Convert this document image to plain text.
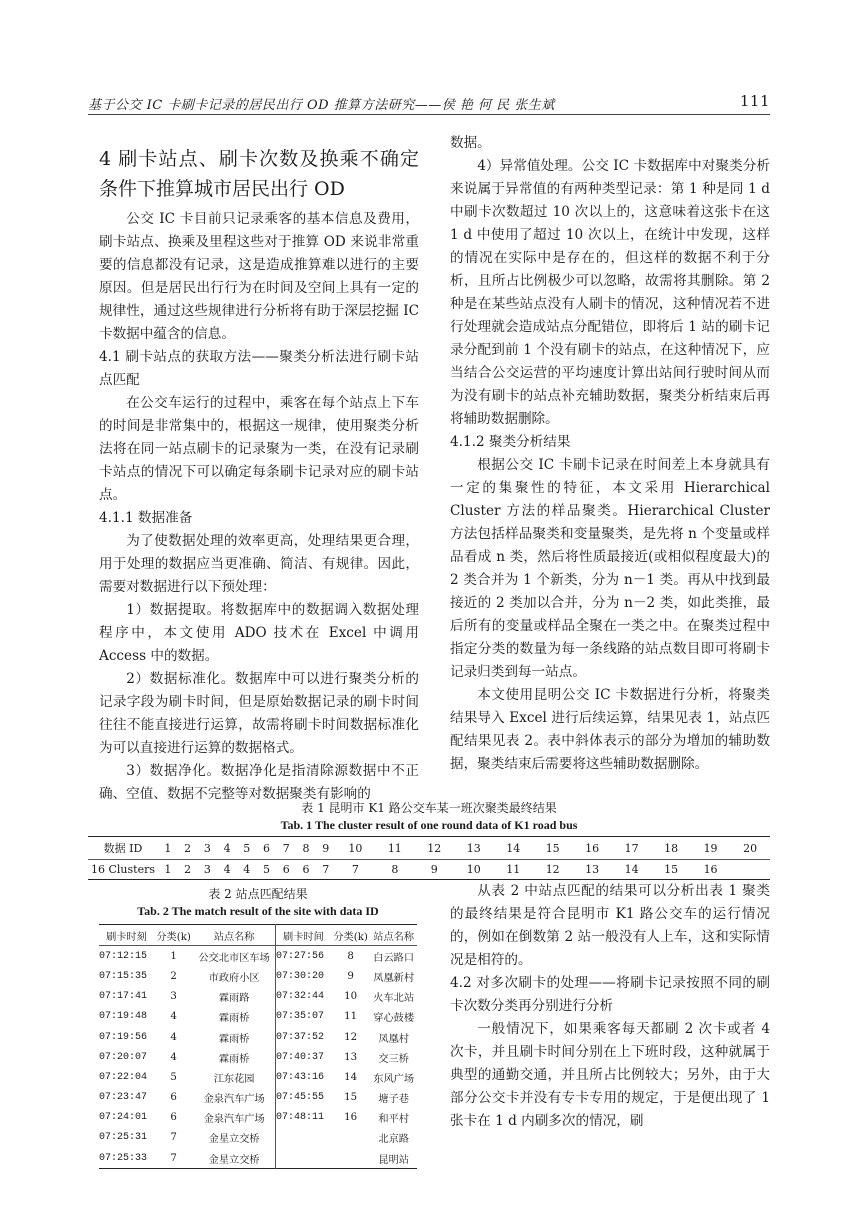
基于公交 IC 卡刷卡记录的居民出行 OD 推算方法研究——侯 艳 何 民 张生斌	111
4 刷卡站点、刷卡次数及换乘不确定条件下推算城市居民出行 OD

公交 IC 卡目前只记录乘客的基本信息及费用，刷卡站点、换乘及里程这些对于推算 OD 来说非常重要的信息都没有记录，这是造成推算难以进行的主要原因。但是居民出行行为在时间及空间上具有一定的规律性，通过这些规律进行分析将有助于深层挖掘 IC 卡数据中蕴含的信息。

4.1 刷卡站点的获取方法——聚类分析法进行刷卡站点匹配

在公交车运行的过程中，乘客在每个站点上下车的时间是非常集中的，根据这一规律，使用聚类分析法将在同一站点刷卡的记录聚为一类，在没有记录刷卡站点的情况下可以确定每条刷卡记录对应的刷卡站点。

4.1.1 数据准备

为了使数据处理的效率更高，处理结果更合理，用于处理的数据应当更准确、简洁、有规律。因此，需要对数据进行以下预处理：

1）数据提取。将数据库中的数据调入数据处理程序中，本文使用 ADO 技术在 Excel 中调用 Access 中的数据。

2）数据标准化。数据库中可以进行聚类分析的记录字段为刷卡时间，但是原始数据记录的刷卡时间往往不能直接进行运算，故需将刷卡时间数据标准化为可以直接进行运算的数据格式。

3）数据净化。数据净化是指清除源数据中不正确、空值、数据不完整等对数据聚类有影响的

数据。

4）异常值处理。公交 IC 卡数据库中对聚类分析来说属于异常值的有两种类型记录：第 1 种是同 1 d 中刷卡次数超过 10 次以上的，这意味着这张卡在这 1 d 中使用了超过 10 次以上，在统计中发现，这样的情况在实际中是存在的，但这样的数据不利于分析，且所占比例极少可以忽略，故需将其删除。第 2 种是在某些站点没有人刷卡的情况，这种情况若不进行处理就会造成站点分配错位，即将后 1 站的刷卡记录分配到前 1 个没有刷卡的站点，在这种情况下，应当结合公交运营的平均速度计算出站间行驶时间从而为没有刷卡的站点补充辅助数据，聚类分析结束后再将辅助数据删除。

4.1.2 聚类分析结果

根据公交 IC 卡刷卡记录在时间差上本身就具有一定的集聚性的特征，本文采用 Hierarchical Cluster 方法的样品聚类。Hierarchical Cluster 方法包括样品聚类和变量聚类，是先将 n 个变量或样品看成 n 类，然后将性质最接近(或相似程度最大)的 2 类合并为 1 个新类，分为 n－1 类。再从中找到最接近的 2 类加以合并，分为 n－2 类，如此类推，最后所有的变量或样品全聚在一类之中。在聚类过程中指定分类的数量为每一条线路的站点数目即可将刷卡记录归类到每一站点。

本文使用昆明公交 IC 卡数据进行分析，将聚类结果导入 Excel 进行后续运算，结果见表 1，站点匹配结果见表 2。表中斜体表示的部分为增加的辅助数据，聚类结束后需要将这些辅助数据删除。

表 1 昆明市 K1 路公交车某一班次聚类最终结果
Tab. 1 The cluster result of one round data of K1 road bus
数据 ID	1	2	3	4	5	6	7	8	9	10	11	12	13	14	15	16	17	18	19	20
16 Clusters	1	2	3	4	4	5	6	6	7	7	8	9	10	11	12	13	14	15	16	
表 2 站点匹配结果
Tab. 2 The match result of the site with data ID
刷卡时刻	分类(k)	站点名称	刷卡时间	分类(k)	站点名称
07:12:15	1	公交北市区车场	07:27:56	8	白云路口
07:15:35	2	市政府小区	07:30:20	9	凤凰新村
07:17:41	3	霖雨路	07:32:44	10	火车北站
07:19:48	4	霖雨桥	07:35:07	11	穿心鼓楼
07:19:56	4	霖雨桥	07:37:52	12	凤凰村
07:20:07	4	霖雨桥	07:40:37	13	交三桥
07:22:04	5	江东花园	07:43:16	14	东风广场
07:23:47	6	金泉汽车广场	07:45:55	15	塘子巷
07:24:01	6	金泉汽车广场	07:48:11	16	和平村
07:25:31	7	金星立交桥			北京路
07:25:33	7	金星立交桥			昆明站

从表 2 中站点匹配的结果可以分析出表 1 聚类的最终结果是符合昆明市 K1 路公交车的运行情况的，例如在倒数第 2 站一般没有人上车，这和实际情况是相符的。

4.2 对多次刷卡的处理——将刷卡记录按照不同的刷卡次数分类再分别进行分析

一般情况下，如果乘客每天都刷 2 次卡或者 4 次卡，并且刷卡时间分别在上下班时段，这种就属于典型的通勤交通，并且所占比例较大；另外，由于大部分公交卡并没有专卡专用的规定，于是便出现了 1 张卡在 1 d 内刷多次的情况，刷
